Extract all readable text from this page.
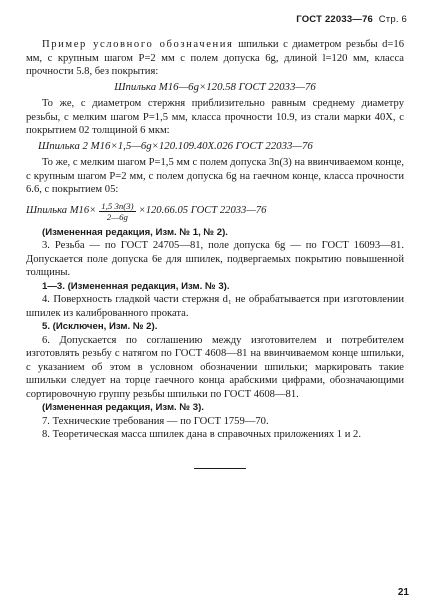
ГОСТ 22033—76 Стр. 6

Пример условного обозначения шпильки с диаметром резьбы d=16 мм, с крупным шагом P=2 мм с полем допуска 6g, длиной l=120 мм, класса прочности 5.8, без покрытия:

Шпилька M16—6g×120.58 ГОСТ 22033—76

То же, с диаметром стержня приблизительно равным среднему диаметру резьбы, с мелким шагом P=1,5 мм, класса прочности 10.9, из стали марки 40Х, с покрытием 02 толщиной 6 мкм:

Шпилька 2 M16×1,5—6g×120.109.40X.026 ГОСТ 22033—76

То же, с мелким шагом P=1,5 мм с полем допуска 3n(3) на ввинчиваемом конце, с крупным шагом P=2 мм, с полем допуска 6g на гаечном конце, класса прочности 6.6, с покрытием 05:

Шпилька $M16\times \frac{1,5 3n(3)}{2—6g} \times 120.66.05$ ГОСТ 22033—76

(Измененная редакция, Изм. № 1, № 2).

3. Резьба — по ГОСТ 24705—81, поле допуска 6g — по ГОСТ 16093—81. Допускается поле допуска 6e для шпилек, подвергаемых покрытию повышенной толщины.

1—3. (Измененная редакция, Изм. № 3).

4. Поверхность гладкой части стержня d₁ не обрабатывается при изготовлении шпилек из калиброванного проката.

5. (Исключен, Изм. № 2).

6. Допускается по соглашению между изготовителем и потребителем изготовлять резьбу с натягом по ГОСТ 4608—81 на ввинчиваемом конце шпильки, с указанием об этом в условном обозначении шпильки; маркировать такие шпильки следует на торце гаечного конца арабскими цифрами, обозначающими сортировочную группу резьбы шпильки по ГОСТ 4608—81.

(Измененная редакция, Изм. № 3).

7. Технические требования — по ГОСТ 1759—70.

8. Теоретическая масса шпилек дана в справочных приложениях 1 и 2.

21
